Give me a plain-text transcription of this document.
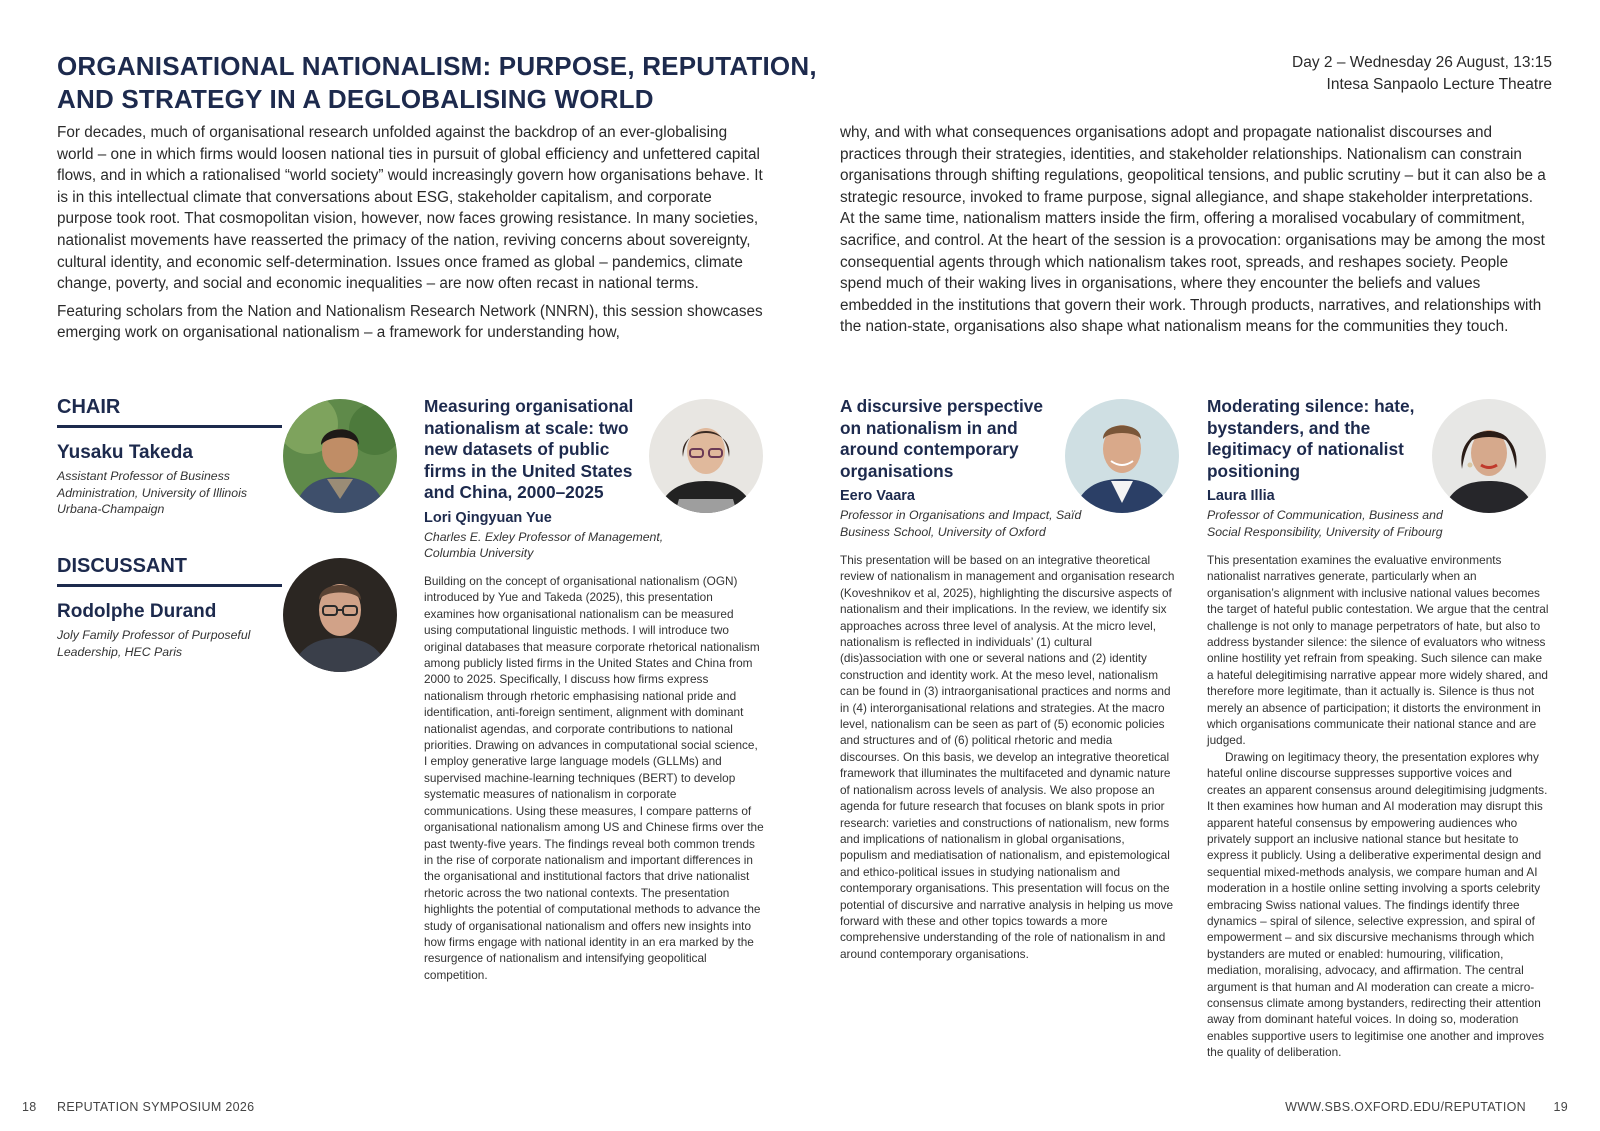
ORGANISATIONAL NATIONALISM: PURPOSE, REPUTATION, AND STRATEGY IN A DEGLOBALISING WORLD
Day 2 – Wednesday 26 August, 13:15
Intesa Sanpaolo Lecture Theatre

For decades, much of organisational research unfolded against the backdrop of an ever-globalising world – one in which firms would loosen national ties in pursuit of global efficiency and unfettered capital flows, and in which a rationalised “world society” would increasingly govern how organisations behave. It is in this intellectual climate that conversations about ESG, stakeholder capitalism, and corporate purpose took root. That cosmopolitan vision, however, now faces growing resistance. In many societies, nationalist movements have reasserted the primacy of the nation, reviving concerns about sovereignty, cultural identity, and economic self-determination. Issues once framed as global – pandemics, climate change, poverty, and social and economic inequalities – are now often recast in national terms.

Featuring scholars from the Nation and Nationalism Research Network (NNRN), this session showcases emerging work on organisational nationalism – a framework for understanding how,

why, and with what consequences organisations adopt and propagate nationalist discourses and practices through their strategies, identities, and stakeholder relationships. Nationalism can constrain organisations through shifting regulations, geopolitical tensions, and public scrutiny – but it can also be a strategic resource, invoked to frame purpose, signal allegiance, and shape stakeholder interpretations. At the same time, nationalism matters inside the firm, offering a moralised vocabulary of commitment, sacrifice, and control. At the heart of the session is a provocation: organisations may be among the most consequential agents through which nationalism takes root, spreads, and reshapes society. People spend much of their waking lives in organisations, where they encounter the beliefs and values embedded in the institutions that govern their work. Through products, narratives, and relationships with the nation-state, organisations also shape what nationalism means for the communities they touch.

CHAIR
Yusaku Takeda
Assistant Professor of Business Administration, University of Illinois Urbana-Champaign
DISCUSSANT
Rodolphe Durand
Joly Family Professor of Purposeful Leadership, HEC Paris
Measuring organisational nationalism at scale: two new datasets of public firms in the United States and China, 2000–2025
Lori Qingyuan Yue
Charles E. Exley Professor of Management, Columbia University

Building on the concept of organisational nationalism (OGN) introduced by Yue and Takeda (2025), this presentation examines how organisational nationalism can be measured using computational linguistic methods. I will introduce two original databases that measure corporate rhetorical nationalism among publicly listed firms in the United States and China from 2000 to 2025. Specifically, I discuss how firms express nationalism through rhetoric emphasising national pride and identification, anti-foreign sentiment, alignment with dominant nationalist agendas, and corporate contributions to national priorities. Drawing on advances in computational social science, I employ generative large language models (GLLMs) and supervised machine-learning techniques (BERT) to develop systematic measures of nationalism in corporate communications. Using these measures, I compare patterns of organisational nationalism among US and Chinese firms over the past twenty-five years. The findings reveal both common trends in the rise of corporate nationalism and important differences in the organisational and institutional factors that drive nationalist rhetoric across the two national contexts. The presentation highlights the potential of computational methods to advance the study of organisational nationalism and offers new insights into how firms engage with national identity in an era marked by the resurgence of nationalism and intensifying geopolitical competition.

A discursive perspective on nationalism in and around contemporary organisations
Eero Vaara
Professor in Organisations and Impact, Saïd Business School, University of Oxford

This presentation will be based on an integrative theoretical review of nationalism in management and organisation research (Koveshnikov et al, 2025), highlighting the discursive aspects of nationalism and their implications. In the review, we identify six approaches across three level of analysis. At the micro level, nationalism is reflected in individuals’ (1) cultural (dis)association with one or several nations and (2) identity construction and identity work. At the meso level, nationalism can be found in (3) intraorganisational practices and norms and in (4) interorganisational relations and strategies. At the macro level, nationalism can be seen as part of (5) economic policies and structures and of (6) political rhetoric and media discourses. On this basis, we develop an integrative theoretical framework that illuminates the multifaceted and dynamic nature of nationalism across levels of analysis. We also propose an agenda for future research that focuses on blank spots in prior research: varieties and constructions of nationalism, new forms and implications of nationalism in global organisations, populism and mediatisation of nationalism, and epistemological and ethico-political issues in studying nationalism and contemporary organisations. This presentation will focus on the potential of discursive and narrative analysis in helping us move forward with these and other topics towards a more comprehensive understanding of the role of nationalism in and around contemporary organisations.

Moderating silence: hate, bystanders, and the legitimacy of nationalist positioning
Laura Illia
Professor of Communication, Business and Social Responsibility, University of Fribourg

This presentation examines the evaluative environments nationalist narratives generate, particularly when an organisation’s alignment with inclusive national values becomes the target of hateful public contestation. We argue that the central challenge is not only to manage perpetrators of hate, but also to address bystander silence: the silence of evaluators who witness online hostility yet refrain from speaking. Such silence can make a hateful delegitimising narrative appear more widely shared, and therefore more legitimate, than it actually is. Silence is thus not merely an absence of participation; it distorts the environment in which organisations communicate their national stance and are judged.

Drawing on legitimacy theory, the presentation explores why hateful online discourse suppresses supportive voices and creates an apparent consensus around delegitimising judgments. It then examines how human and AI moderation may disrupt this apparent hateful consensus by empowering audiences who privately support an inclusive national stance but hesitate to express it publicly. Using a deliberative experimental design and sequential mixed-methods analysis, we compare human and AI moderation in a hostile online setting involving a sports celebrity embracing Swiss national values. The findings identify three dynamics – spiral of silence, selective expression, and spiral of empowerment – and six discursive mechanisms through which bystanders are muted or enabled: humouring, vilification, mediation, moralising, advocacy, and affirmation. The central argument is that human and AI moderation can create a micro-consensus climate among bystanders, redirecting their attention away from dominant hateful voices. In doing so, moderation enables supportive users to legitimise one another and improves the quality of deliberation.

18 REPUTATION SYMPOSIUM 2026	WWW.SBS.OXFORD.EDU/REPUTATION 19
